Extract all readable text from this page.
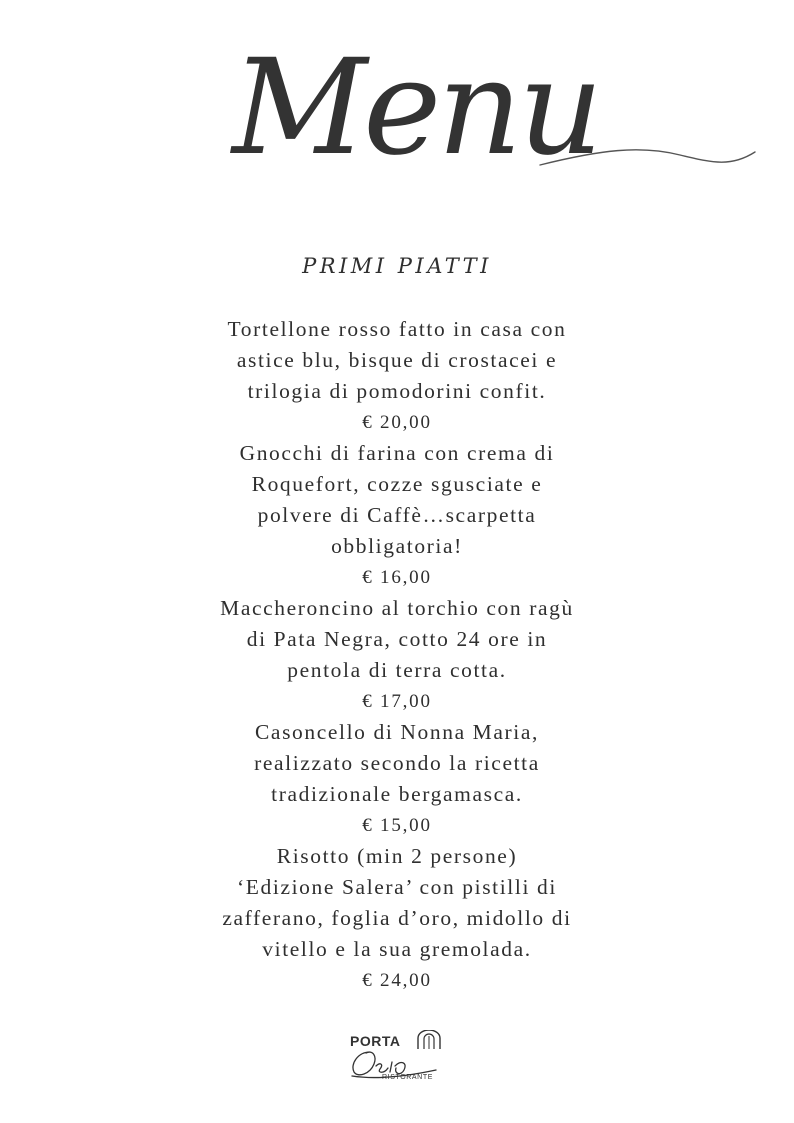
Menu
PRIMI PIATTI
Tortellone rosso fatto in casa con
astice blu, bisque di crostacei e
trilogia di pomodorini confit.
€ 20,00
Gnocchi di farina con crema di
Roquefort, cozze sgusciate e
polvere di Caffè…scarpetta
obbligatoria!
€ 16,00
Maccheroncino al torchio con ragù
di Pata Negra, cotto 24 ore in
pentola di terra cotta.
€ 17,00
Casoncello di Nonna Maria,
realizzato secondo la ricetta
tradizionale bergamasca.
€ 15,00
Risotto (min 2 persone)
‘Edizione Salera’ con pistilli di
zafferano, foglia d’oro, midollo di
vitello e la sua gremolada.
€ 24,00
PORTA
RISTORANTE
